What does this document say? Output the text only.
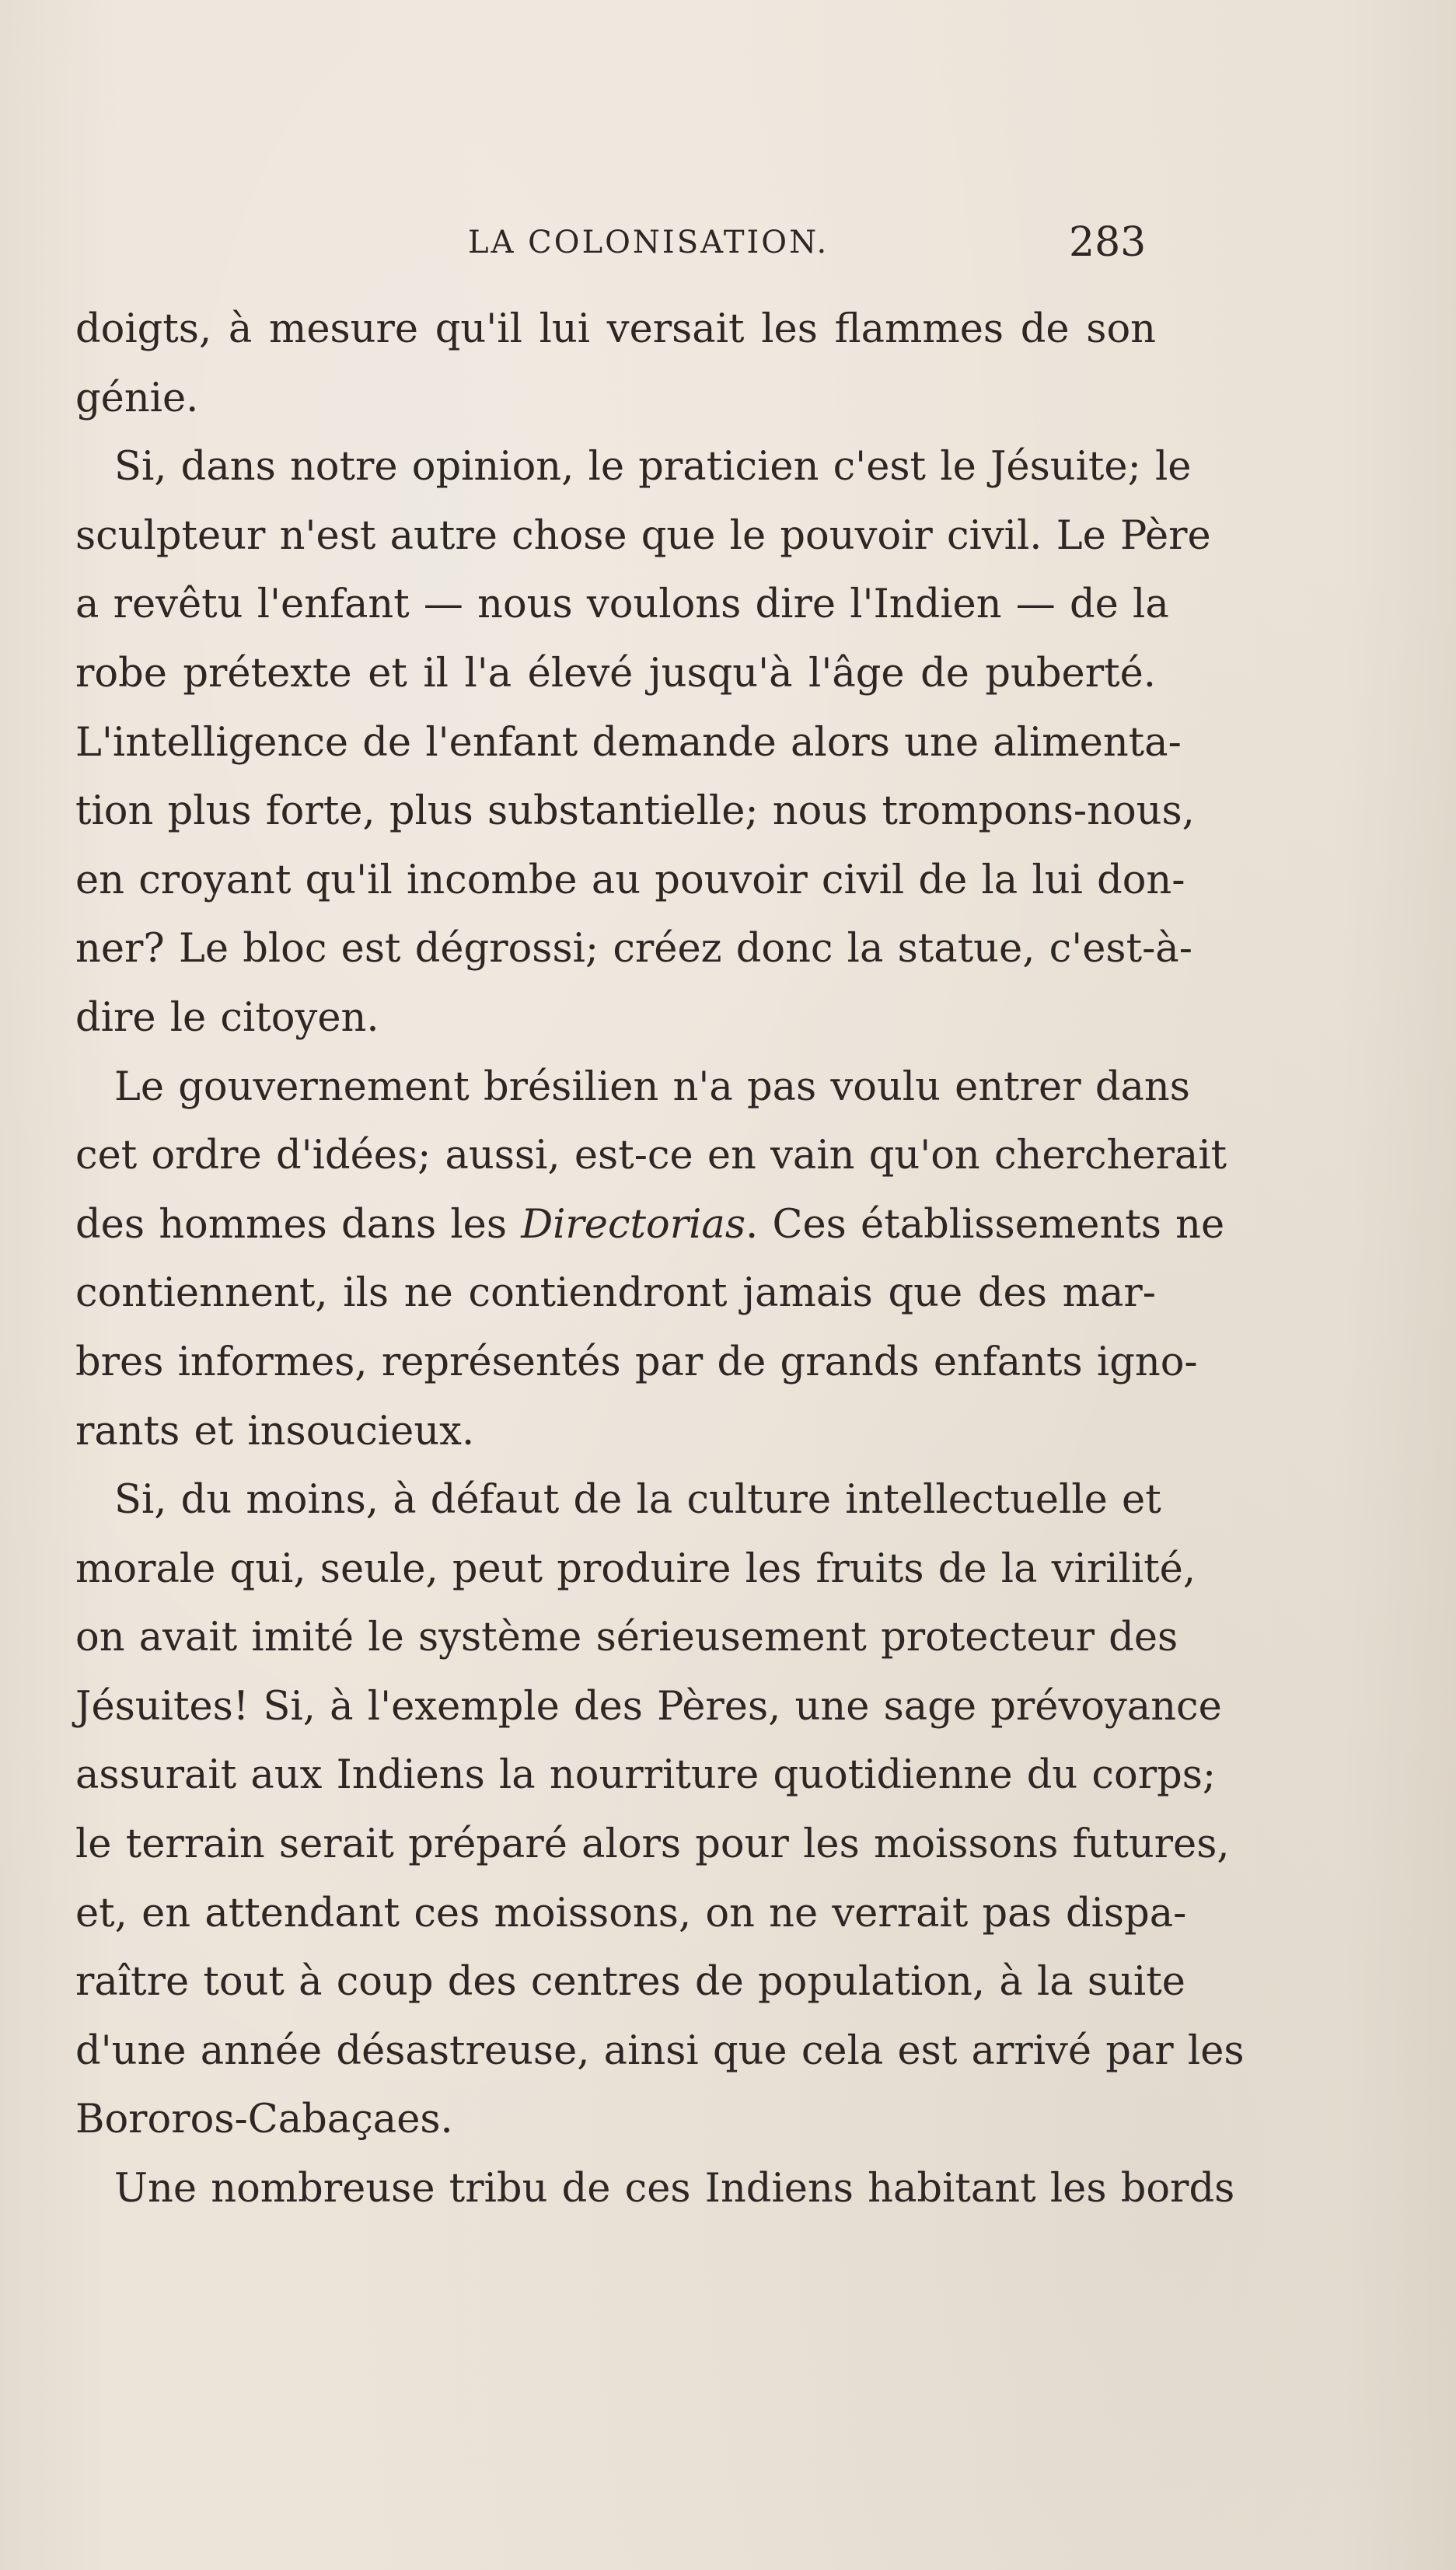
LA COLONISATION.	283
doigts, à mesure qu'il lui versait les flammes de son
génie.
Si, dans notre opinion, le praticien c'est le Jésuite; le
sculpteur n'est autre chose que le pouvoir civil. Le Père
a revêtu l'enfant — nous voulons dire l'Indien — de la
robe prétexte et il l'a élevé jusqu'à l'âge de puberté.
L'intelligence de l'enfant demande alors une alimenta-
tion plus forte, plus substantielle; nous trompons-nous,
en croyant qu'il incombe au pouvoir civil de la lui don-
ner? Le bloc est dégrossi; créez donc la statue, c'est-à-
dire le citoyen.
Le gouvernement brésilien n'a pas voulu entrer dans
cet ordre d'idées; aussi, est-ce en vain qu'on chercherait
des hommes dans les Directorias. Ces établissements ne
contiennent, ils ne contiendront jamais que des mar-
bres informes, représentés par de grands enfants igno-
rants et insoucieux.
Si, du moins, à défaut de la culture intellectuelle et
morale qui, seule, peut produire les fruits de la virilité,
on avait imité le système sérieusement protecteur des
Jésuites! Si, à l'exemple des Pères, une sage prévoyance
assurait aux Indiens la nourriture quotidienne du corps;
le terrain serait préparé alors pour les moissons futures,
et, en attendant ces moissons, on ne verrait pas dispa-
raître tout à coup des centres de population, à la suite
d'une année désastreuse, ainsi que cela est arrivé par les
Bororos-Cabaçaes.
Une nombreuse tribu de ces Indiens habitant les bords
